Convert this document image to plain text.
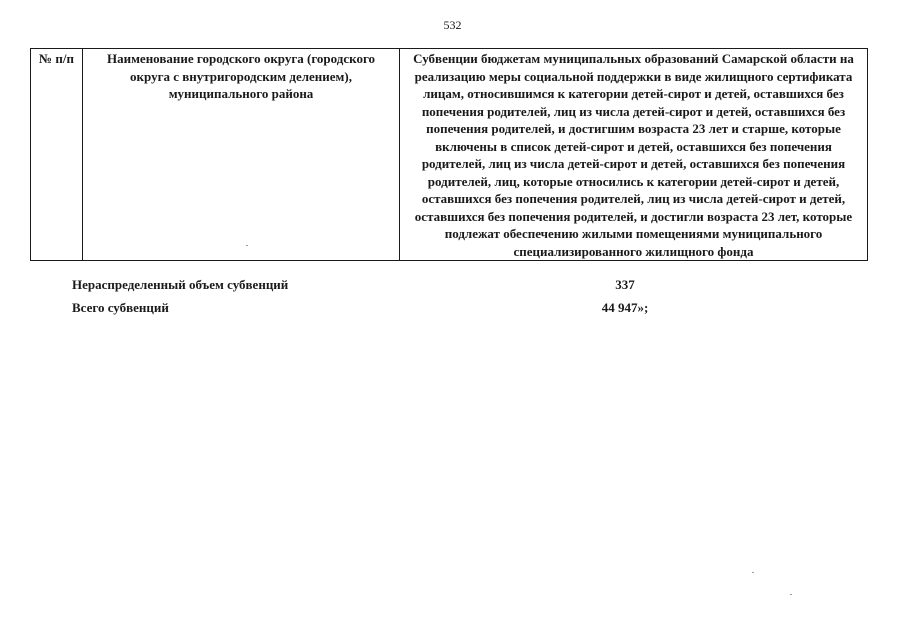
532
№ п/п	Наименование городского округа (городского округа с внутригородским делением), муниципального района	Субвенции бюджетам муниципальных образований Самарской области на реализацию меры социальной поддержки в виде жилищного сертификата лицам, относившимся к категории детей-сирот и детей, оставшихся без попечения родителей, лиц из числа детей-сирот и детей, оставшихся без попечения родителей, и достигшим возраста 23 лет и старше, которые включены в список детей-сирот и детей, оставшихся без попечения родителей, лиц из числа детей-сирот и детей, оставшихся без попечения родителей, лиц, которые относились к категории детей-сирот и детей, оставшихся без попечения родителей, лиц из числа детей-сирот и детей, оставшихся без попечения родителей, и достигли возраста 23 лет, которые подлежат обеспечению жилыми помещениями муниципального специализированного жилищного фонда
Нераспределенный объем субвенций	337
Всего субвенций	44 947»;
